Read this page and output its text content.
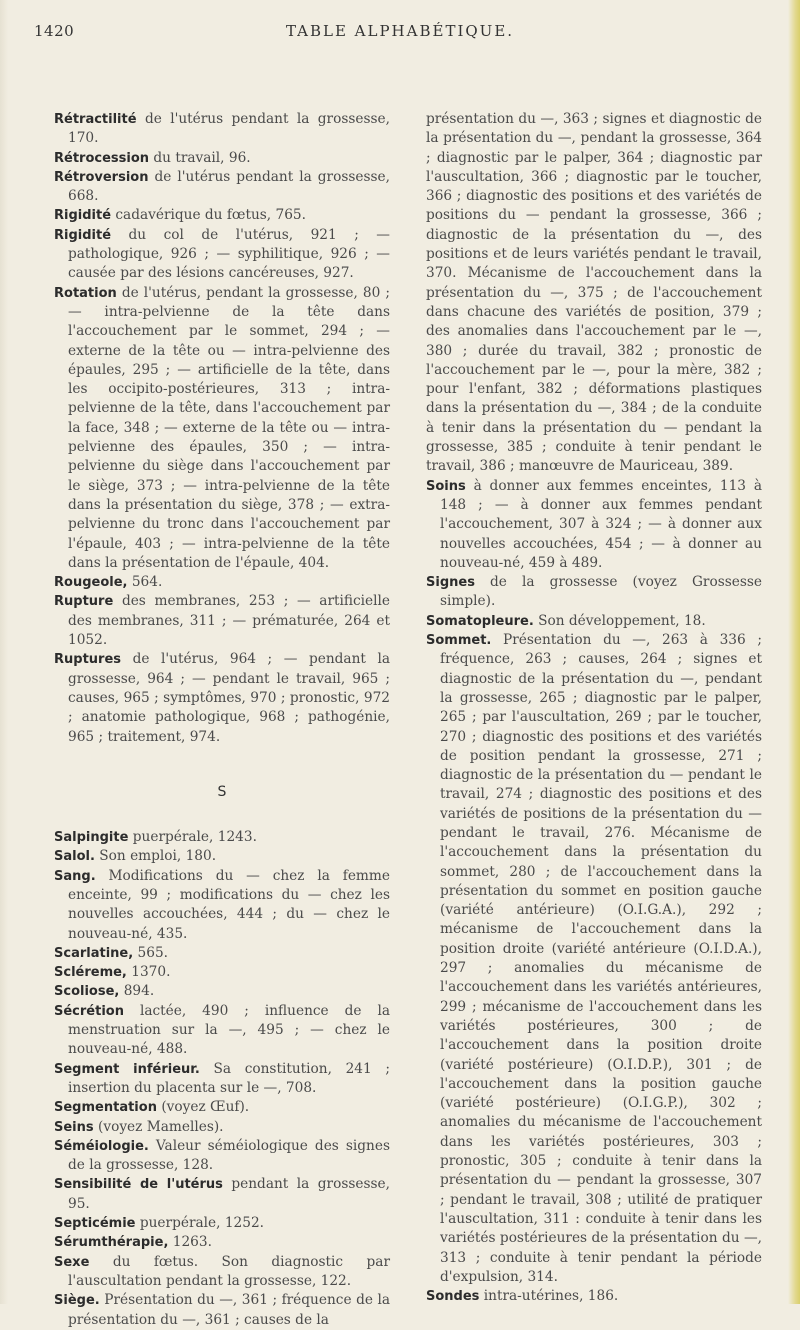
1420	TABLE ALPHABÉTIQUE.
Rétractilité de l'utérus pendant la grossesse, 170.
Rétrocession du travail, 96.
Rétroversion de l'utérus pendant la grossesse, 668.
Rigidité cadavérique du fœtus, 765.
Rigidité du col de l'utérus, 921 ; — pathologique, 926 ; — syphilitique, 926 ; — causée par des lésions cancéreuses, 927.
Rotation de l'utérus, pendant la grossesse, 80 ; — intra-pelvienne de la tête dans l'accouchement par le sommet, 294 ; — externe de la tête ou — intra-pelvienne des épaules, 295 ; — artificielle de la tête, dans les occipito-postérieures, 313 ; intra-pelvienne de la tête, dans l'accouchement par la face, 348 ; — externe de la tête ou — intra-pelvienne des épaules, 350 ; — intra-pelvienne du siège dans l'accouchement par le siège, 373 ; — intra-pelvienne de la tête dans la présentation du siège, 378 ; — extra-pelvienne du tronc dans l'accouchement par l'épaule, 403 ; — intra-pelvienne de la tête dans la présentation de l'épaule, 404.
Rougeole, 564.
Rupture des membranes, 253 ; — artificielle des membranes, 311 ; — prématurée, 264 et 1052.
Ruptures de l'utérus, 964 ; — pendant la grossesse, 964 ; — pendant le travail, 965 ; causes, 965 ; symptômes, 970 ; pronostic, 972 ; anatomie pathologique, 968 ; pathogénie, 965 ; traitement, 974.
S
Salpingite puerpérale, 1243.
Salol. Son emploi, 180.
Sang. Modifications du — chez la femme enceinte, 99 ; modifications du — chez les nouvelles accouchées, 444 ; du — chez le nouveau-né, 435.
Scarlatine, 565.
Scléreme, 1370.
Scoliose, 894.
Sécrétion lactée, 490 ; influence de la menstruation sur la —, 495 ; — chez le nouveau-né, 488.
Segment inférieur. Sa constitution, 241 ; insertion du placenta sur le —, 708.
Segmentation (voyez Œuf).
Seins (voyez Mamelles).
Séméiologie. Valeur séméiologique des signes de la grossesse, 128.
Sensibilité de l'utérus pendant la grossesse, 95.
Septicémie puerpérale, 1252.
Sérumthérapie, 1263.
Sexe du fœtus. Son diagnostic par l'auscultation pendant la grossesse, 122.
Siège. Présentation du —, 361 ; fréquence de la présentation du —, 361 ; causes de la
présentation du —, 363 ; signes et diagnostic de la présentation du —, pendant la grossesse, 364 ; diagnostic par le palper, 364 ; diagnostic par l'auscultation, 366 ; diagnostic par le toucher, 366 ; diagnostic des positions et des variétés de positions du — pendant la grossesse, 366 ; diagnostic de la présentation du —, des positions et de leurs variétés pendant le travail, 370. Mécanisme de l'accouchement dans la présentation du —, 375 ; de l'accouchement dans chacune des variétés de position, 379 ; des anomalies dans l'accouchement par le —, 380 ; durée du travail, 382 ; pronostic de l'accouchement par le —, pour la mère, 382 ; pour l'enfant, 382 ; déformations plastiques dans la présentation du —, 384 ; de la conduite à tenir dans la présentation du — pendant la grossesse, 385 ; conduite à tenir pendant le travail, 386 ; manœuvre de Mauriceau, 389.
Soins à donner aux femmes enceintes, 113 à 148 ; — à donner aux femmes pendant l'accouchement, 307 à 324 ; — à donner aux nouvelles accouchées, 454 ; — à donner au nouveau-né, 459 à 489.
Signes de la grossesse (voyez Grossesse simple).
Somatopleure. Son développement, 18.
Sommet. Présentation du —, 263 à 336 ; fréquence, 263 ; causes, 264 ; signes et diagnostic de la présentation du —, pendant la grossesse, 265 ; diagnostic par le palper, 265 ; par l'auscultation, 269 ; par le toucher, 270 ; diagnostic des positions et des variétés de position pendant la grossesse, 271 ; diagnostic de la présentation du — pendant le travail, 274 ; diagnostic des positions et des variétés de positions de la présentation du — pendant le travail, 276. Mécanisme de l'accouchement dans la présentation du sommet, 280 ; de l'accouchement dans la présentation du sommet en position gauche (variété antérieure) (O.I.G.A.), 292 ; mécanisme de l'accouchement dans la position droite (variété antérieure (O.I.D.A.), 297 ; anomalies du mécanisme de l'accouchement dans les variétés antérieures, 299 ; mécanisme de l'accouchement dans les variétés postérieures, 300 ; de l'accouchement dans la position droite (variété postérieure) (O.I.D.P.), 301 ; de l'accouchement dans la position gauche (variété postérieure) (O.I.G.P.), 302 ; anomalies du mécanisme de l'accouchement dans les variétés postérieures, 303 ; pronostic, 305 ; conduite à tenir dans la présentation du — pendant la grossesse, 307 ; pendant le travail, 308 ; utilité de pratiquer l'auscultation, 311 : conduite à tenir dans les variétés postérieures de la présentation du —, 313 ; conduite à tenir pendant la période d'expulsion, 314.
Sondes intra-utérines, 186.
